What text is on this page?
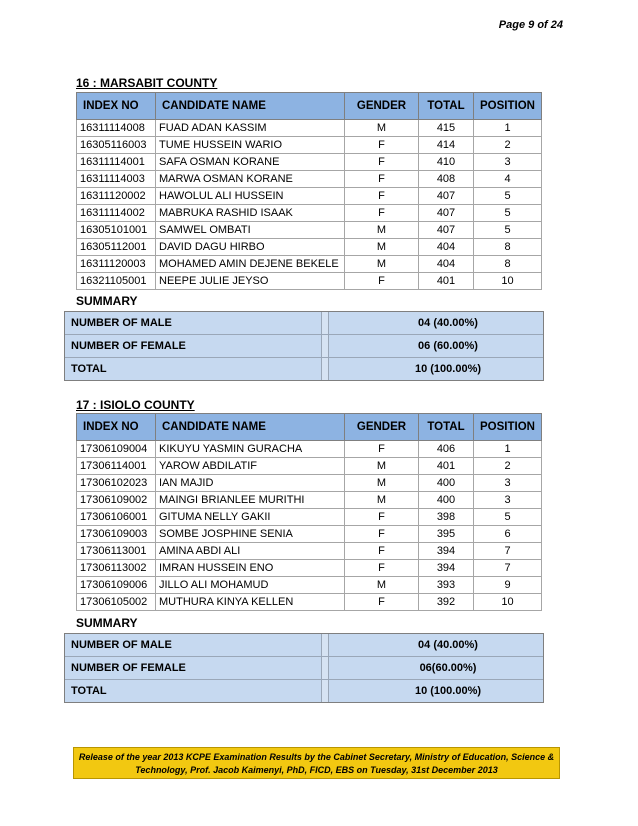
Page 9 of 24
16 : MARSABIT COUNTY
INDEX NO	CANDIDATE NAME	GENDER	TOTAL	POSITION
16311114008	FUAD ADAN KASSIM	M	415	1
16305116003	TUME HUSSEIN WARIO	F	414	2
16311114001	SAFA OSMAN KORANE	F	410	3
16311114003	MARWA OSMAN KORANE	F	408	4
16311120002	HAWOLUL ALI HUSSEIN	F	407	5
16311114002	MABRUKA RASHID ISAAK	F	407	5
16305101001	SAMWEL OMBATI	M	407	5
16305112001	DAVID DAGU HIRBO	M	404	8
16311120003	MOHAMED AMIN DEJENE BEKELE	M	404	8
16321105001	NEEPE JULIE JEYSO	F	401	10
SUMMARY
NUMBER OF MALE	04 (40.00%)
NUMBER OF FEMALE	06 (60.00%)
TOTAL	10 (100.00%)
17 : ISIOLO COUNTY
INDEX NO	CANDIDATE NAME	GENDER	TOTAL	POSITION
17306109004	KIKUYU YASMIN GURACHA	F	406	1
17306114001	YAROW ABDILATIF	M	401	2
17306102023	IAN MAJID	M	400	3
17306109002	MAINGI BRIANLEE MURITHI	M	400	3
17306106001	GITUMA NELLY GAKII	F	398	5
17306109003	SOMBE JOSPHINE SENIA	F	395	6
17306113001	AMINA ABDI ALI	F	394	7
17306113002	IMRAN HUSSEIN ENO	F	394	7
17306109006	JILLO ALI MOHAMUD	M	393	9
17306105002	MUTHURA KINYA KELLEN	F	392	10
SUMMARY
NUMBER OF MALE	04 (40.00%)
NUMBER OF FEMALE	06(60.00%)
TOTAL	10 (100.00%)
Release of the year 2013 KCPE Examination Results by the Cabinet Secretary, Ministry of Education, Science &
Technology, Prof. Jacob Kaimenyi, PhD, FICD, EBS on Tuesday, 31st December 2013
